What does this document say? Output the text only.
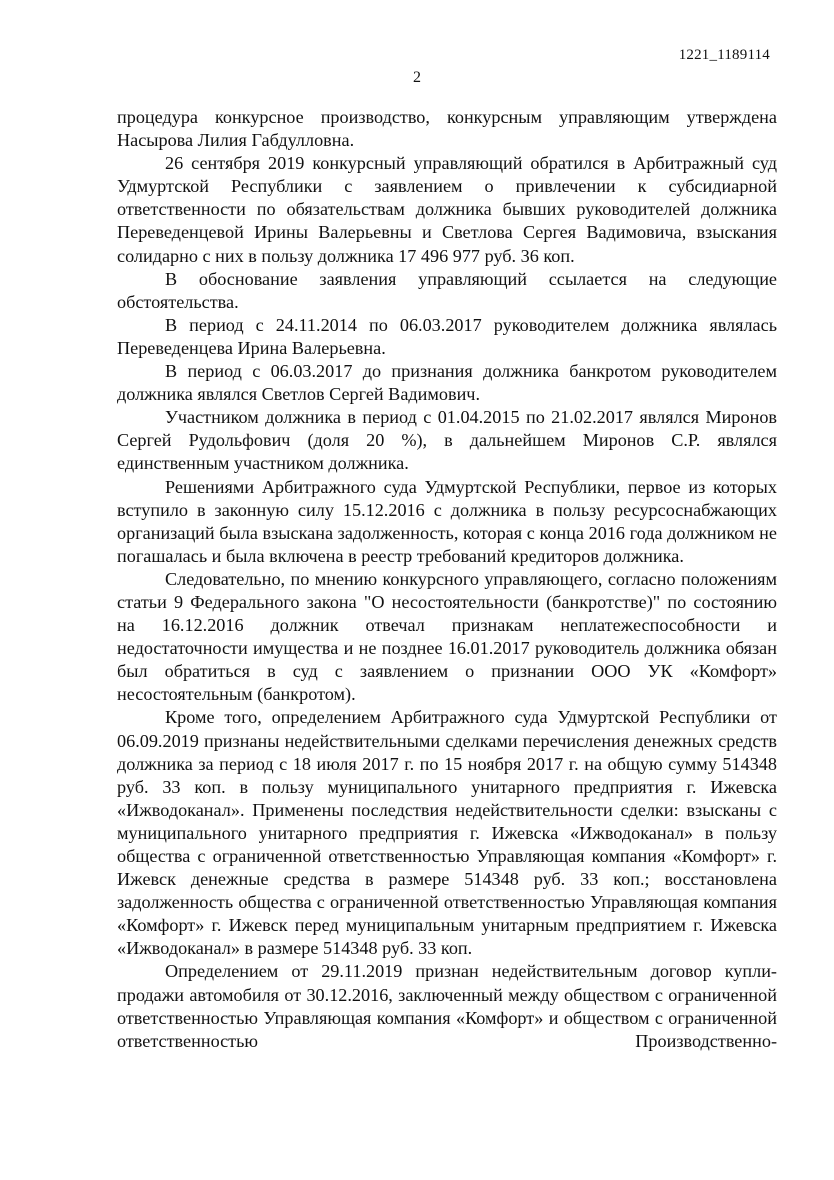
1221_1189114
2

процедура конкурсное производство, конкурсным управляющим утверждена Насырова Лилия Габдулловна.

26 сентября 2019 конкурсный управляющий обратился в Арбитражный суд Удмуртской Республики с заявлением о привлечении к субсидиарной ответственности по обязательствам должника бывших руководителей должника Переведенцевой Ирины Валерьевны и Светлова Сергея Вадимовича, взыскания солидарно с них в пользу должника 17 496 977 руб. 36 коп.

В обоснование заявления управляющий ссылается на следующие обстоятельства.

В период с 24.11.2014 по 06.03.2017 руководителем должника являлась Переведенцева Ирина Валерьевна.

В период с 06.03.2017 до признания должника банкротом руководителем должника являлся Светлов Сергей Вадимович.

Участником должника в период с 01.04.2015 по 21.02.2017 являлся Миронов Сергей Рудольфович (доля 20 %), в дальнейшем Миронов С.Р. являлся единственным участником должника.

Решениями Арбитражного суда Удмуртской Республики, первое из которых вступило в законную силу 15.12.2016 с должника в пользу ресурсоснабжающих организаций была взыскана задолженность, которая с конца 2016 года должником не погашалась и была включена в реестр требований кредиторов должника.

Следовательно, по мнению конкурсного управляющего, согласно положениям статьи 9 Федерального закона "О несостоятельности (банкротстве)" по состоянию на 16.12.2016 должник отвечал признакам неплатежеспособности и недостаточности имущества и не позднее 16.01.2017 руководитель должника обязан был обратиться в суд с заявлением о признании ООО УК «Комфорт» несостоятельным (банкротом).

Кроме того, определением Арбитражного суда Удмуртской Республики от 06.09.2019 признаны недействительными сделками перечисления денежных средств должника за период с 18 июля 2017 г. по 15 ноября 2017 г. на общую сумму 514348 руб. 33 коп. в пользу муниципального унитарного предприятия г. Ижевска «Ижводоканал». Применены последствия недействительности сделки: взысканы с муниципального унитарного предприятия г. Ижевска «Ижводоканал» в пользу общества с ограниченной ответственностью Управляющая компания «Комфорт» г. Ижевск денежные средства в размере 514348 руб. 33 коп.; восстановлена задолженность общества с ограниченной ответственностью Управляющая компания «Комфорт» г. Ижевск перед муниципальным унитарным предприятием г. Ижевска «Ижводоканал» в размере 514348 руб. 33 коп.

Определением от 29.11.2019 признан недействительным договор купли-продажи автомобиля от 30.12.2016, заключенный между обществом с ограниченной ответственностью Управляющая компания «Комфорт» и обществом с ограниченной ответственностью Производственно-
